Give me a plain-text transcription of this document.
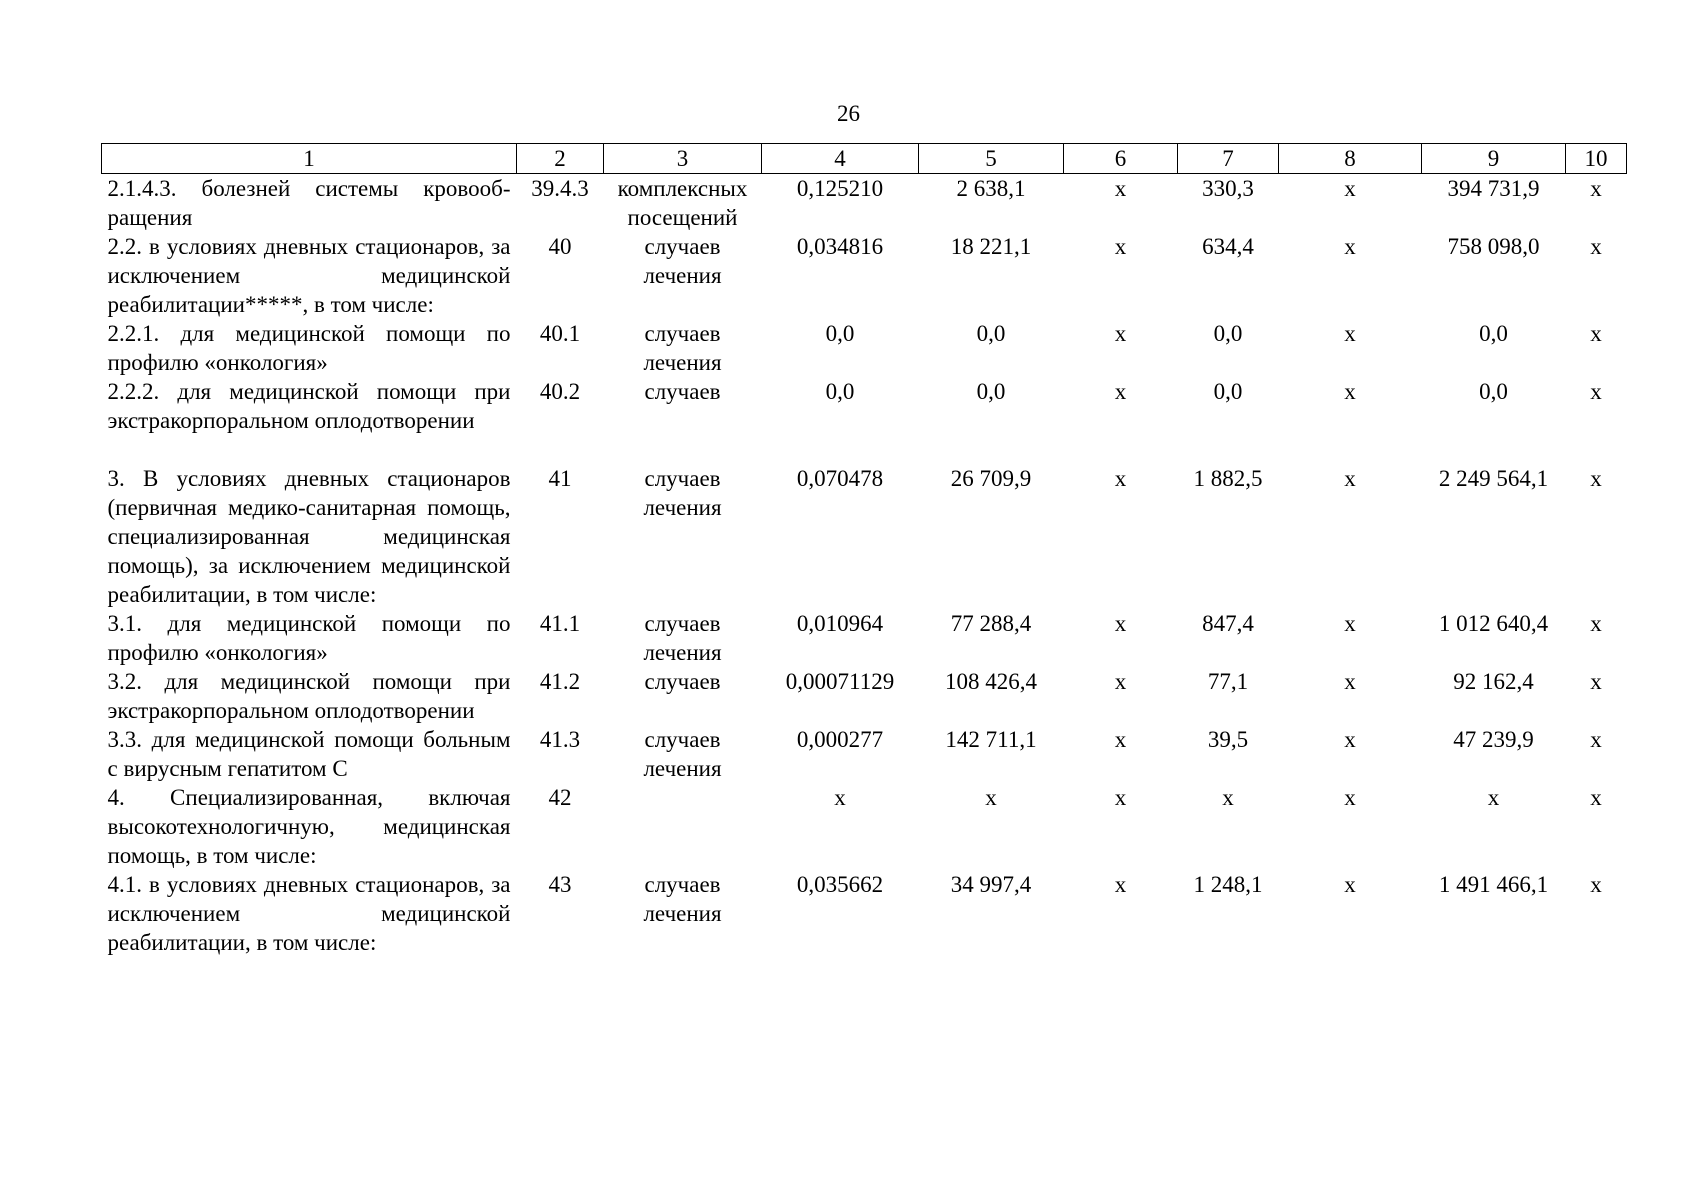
26
1	2	3	4	5	6	7	8	9	10
2.1.4.3. болезней системы кровообращения	39.4.3	комплексных посещений	0,125210	2 638,1	х	330,3	х	394 731,9	х
2.2. в условиях дневных стационаров, за исключением медицинской реабилитации*****, в том числе:	40	случаев лечения	0,034816	18 221,1	х	634,4	х	758 098,0	х
2.2.1. для медицинской помощи по профилю «онкология»	40.1	случаев лечения	0,0	0,0	х	0,0	х	0,0	х
2.2.2. для медицинской помощи при экстракорпоральном оплодотворении	40.2	случаев	0,0	0,0	х	0,0	х	0,0	х

3. В условиях дневных стационаров (первичная медико-санитарная помощь, специализированная медицинская помощь), за исключением медицинской реабилитации, в том числе:	41	случаев лечения	0,070478	26 709,9	х	1 882,5	х	2 249 564,1	х
3.1. для медицинской помощи по профилю «онкология»	41.1	случаев лечения	0,010964	77 288,4	х	847,4	х	1 012 640,4	х
3.2. для медицинской помощи при экстракорпоральном оплодотворении	41.2	случаев	0,00071129	108 426,4	х	77,1	х	92 162,4	х
3.3. для медицинской помощи больным с вирусным гепатитом С	41.3	случаев лечения	0,000277	142 711,1	х	39,5	х	47 239,9	х
4. Специализированная, включая высокотехнологичную, медицинская помощь, в том числе:	42		х	х	х	х	х	х	х
4.1. в условиях дневных стационаров, за исключением медицинской реабилитации, в том числе:	43	случаев лечения	0,035662	34 997,4	х	1 248,1	х	1 491 466,1	х
